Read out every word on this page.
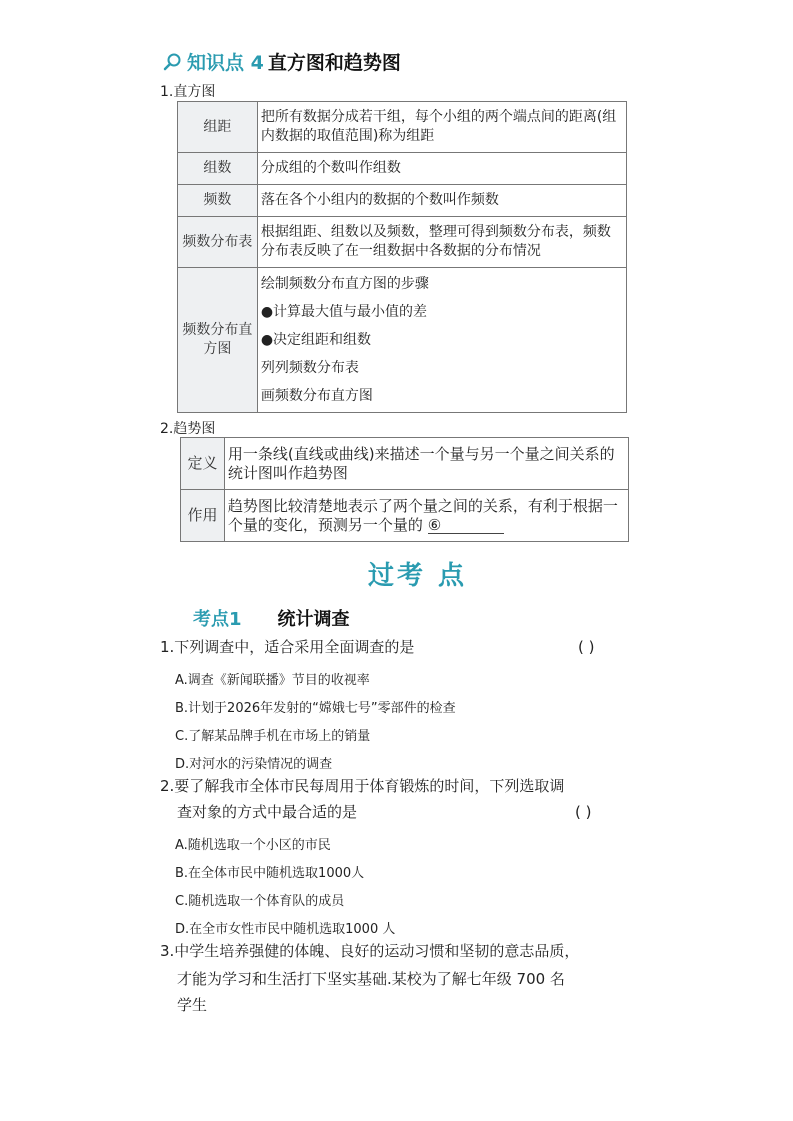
知识点 4 直方图和趋势图
1.直方图
组距	把所有数据分成若干组，每个小组的两个端点间的距离(组内数据的取值范围)称为组距
组数	分成组的个数叫作组数
频数	落在各个小组内的数据的个数叫作频数
频数分布表	根据组距、组数以及频数，整理可得到频数分布表，频数分布表反映了在一组数据中各数据的分布情况
频数分布直方图	绘制频数分布直方图的步骤
●计算最大值与最小值的差
●决定组距和组数
列列频数分布表
画频数分布直方图
2.趋势图
定义	用一条线(直线或曲线)来描述一个量与另一个量之间关系的统计图叫作趋势图
作用	趋势图比较清楚地表示了两个量之间的关系，有利于根据一个量的变化，预测另一个量的 ⑥
过考 点
考点1 统计调查
1.下列调查中，适合采用全面调查的是	( )
A.调查《新闻联播》节目的收视率
B.计划于2026年发射的“嫦娥七号”零部件的检查
C.了解某品牌手机在市场上的销量
D.对河水的污染情况的调查
2.要了解我市全体市民每周用于体育锻炼的时间，下列选取调
查对象的方式中最合适的是	( )
A.随机选取一个小区的市民
B.在全体市民中随机选取1000人
C.随机选取一个体育队的成员
D.在全市女性市民中随机选取1000 人
3.中学生培养强健的体魄、良好的运动习惯和坚韧的意志品质，
才能为学习和生活打下坚实基础.某校为了解七年级 700 名
学生
